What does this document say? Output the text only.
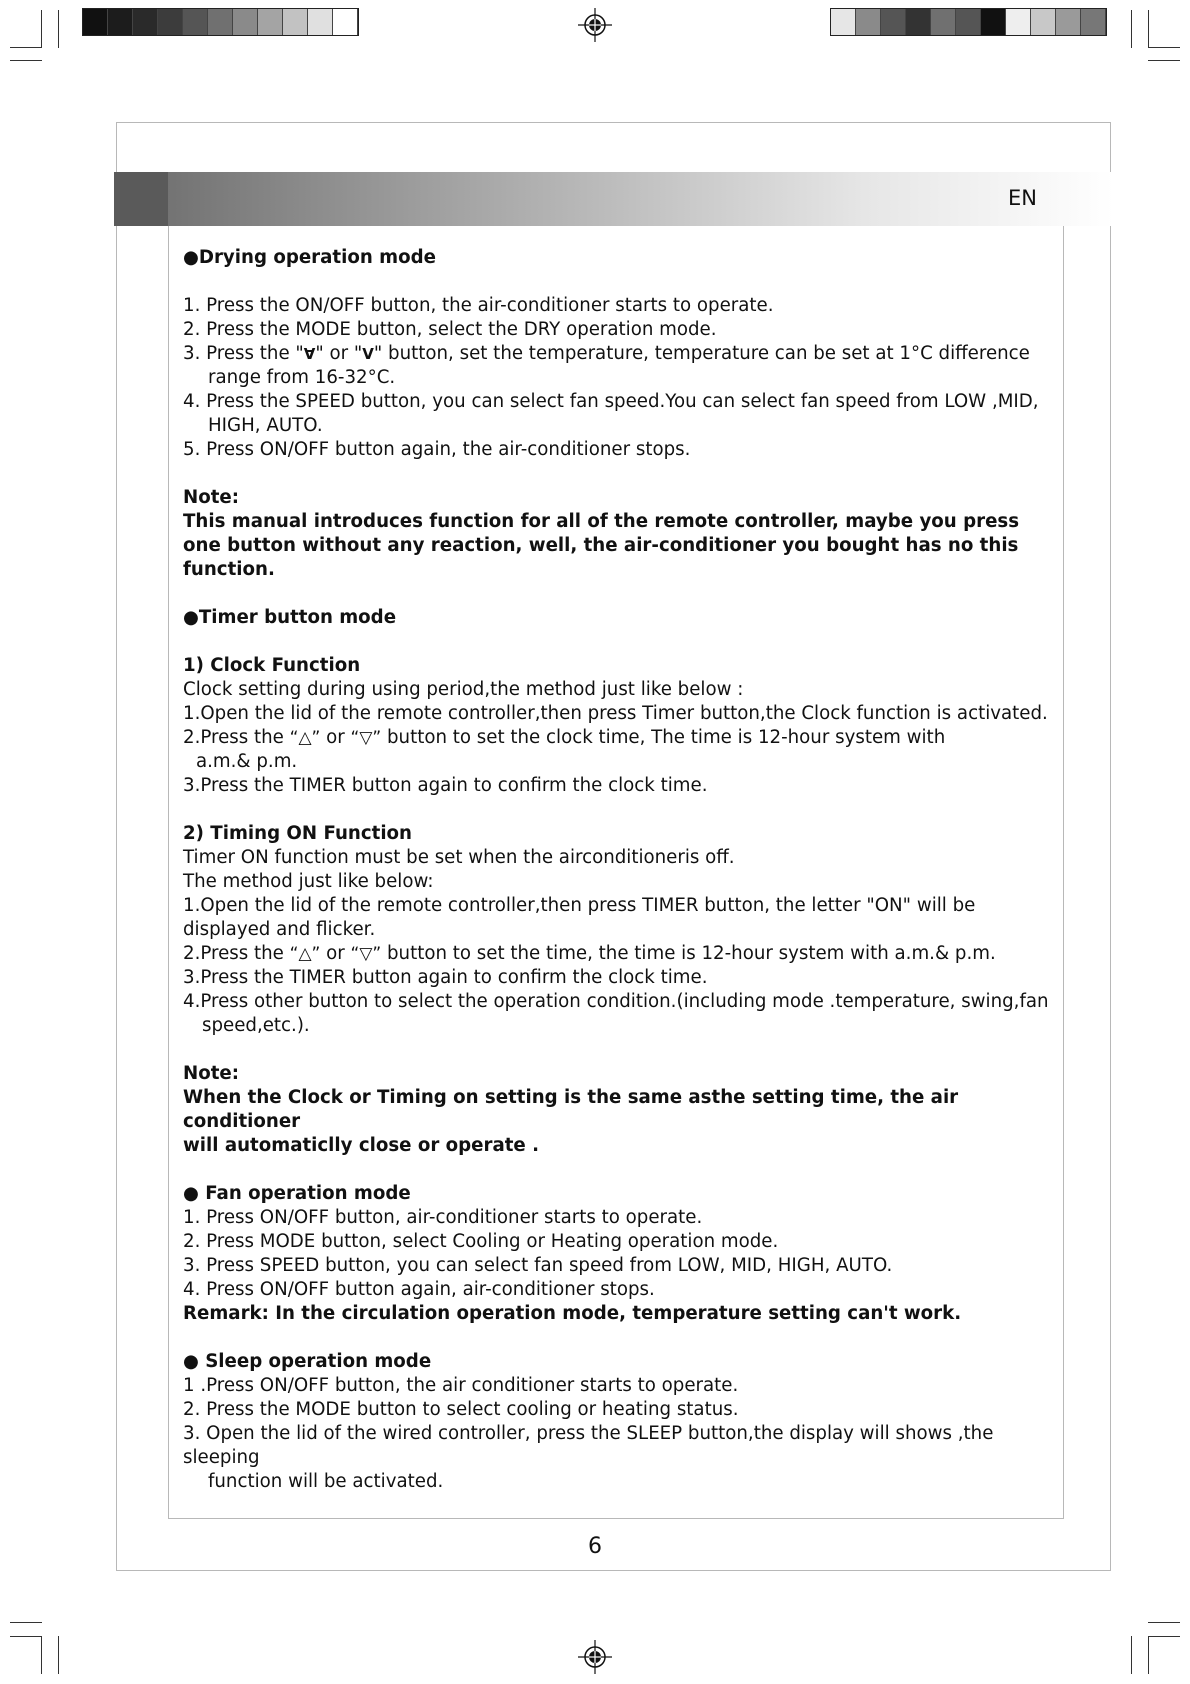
EN

●Drying operation mode

1. Press the ON/OFF button, the air-conditioner starts to operate.

2. Press the MODE button, select the DRY operation mode.

3. Press the "Ɐ" or "V" button, set the temperature, temperature can be set at 1°C difference

range from 16-32°C.

4. Press the SPEED button, you can select fan speed.You can select fan speed from LOW ,MID,

HIGH, AUTO.

5. Press ON/OFF button again, the air-conditioner stops.

Note:

This manual introduces function for all of the remote controller, maybe you press

one button without any reaction, well, the air-conditioner you bought has no this

function.

●Timer button mode

1) Clock Function

Clock setting during using period,the method just like below :

1.Open the lid of the remote controller,then press Timer button,the Clock function is activated.

2.Press the “△” or “▽” button to set the clock time, The time is 12-hour system with

a.m.& p.m.

3.Press the TIMER button again to confirm the clock time.

2) Timing ON Function

Timer ON function must be set when the airconditioneris off.

The method just like below:

1.Open the lid of the remote controller,then press TIMER button, the letter "ON" will be

displayed and flicker.

2.Press the “△” or “▽” button to set the time, the time is 12-hour system with a.m.& p.m.

3.Press the TIMER button again to confirm the clock time.

4.Press other button to select the operation condition.(including mode .temperature, swing,fan

speed,etc.).

Note:

When the Clock or Timing on setting is the same asthe setting time, the air conditioner

will automaticlly close or operate .

● Fan operation mode

1. Press ON/OFF button, air-conditioner starts to operate.

2. Press MODE button, select Cooling or Heating operation mode.

3. Press SPEED button, you can select fan speed from LOW, MID, HIGH, AUTO.

4. Press ON/OFF button again, air-conditioner stops.

Remark: In the circulation operation mode, temperature setting can't work.

● Sleep operation mode

1 .Press ON/OFF button, the air conditioner starts to operate.

2. Press the MODE button to select cooling or heating status.

3. Open the lid of the wired controller, press the SLEEP button,the display will shows ,the sleeping

function will be activated.

6
